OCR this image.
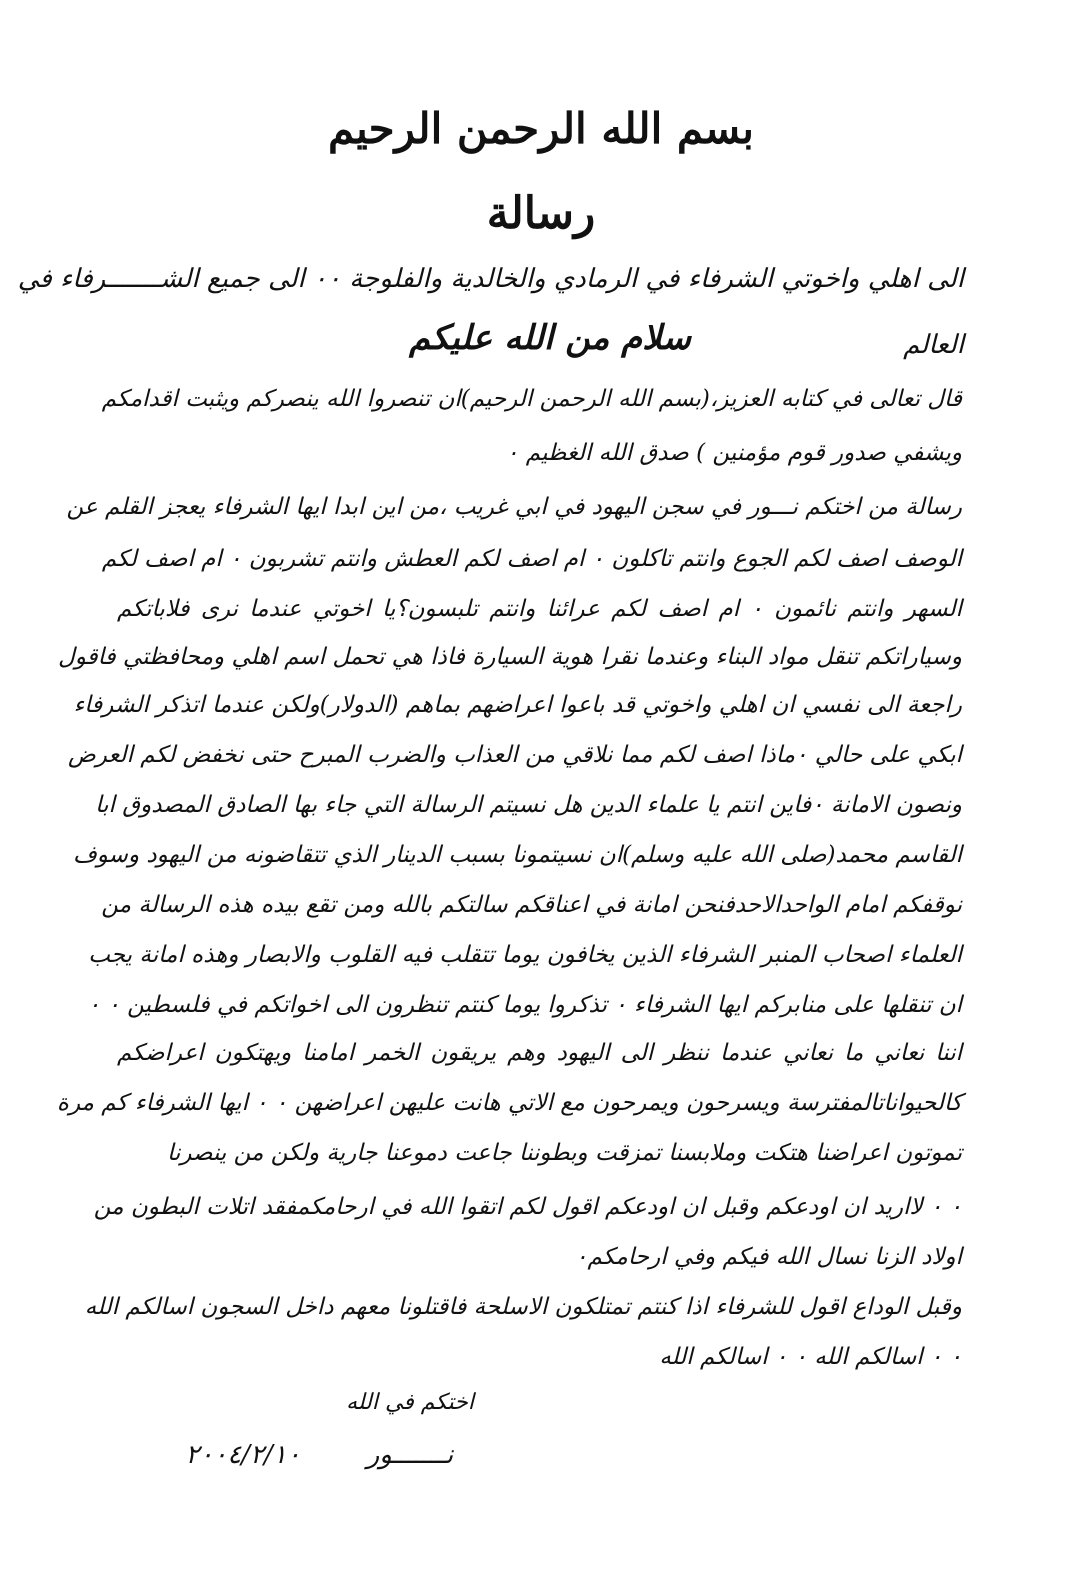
بسم الله الرحمن الرحيم
رسالة
الى اهلي واخوتي الشرفاء في الرمادي والخالدية والفلوجة ٠٠ الى جميع الشـــــــرفاء في
العالم
سلام من الله عليكم
قال تعالى في كتابه العزيز،(بسم الله الرحمن الرحيم)ان تنصروا الله ينصركم ويثبت اقدامكم
ويشفي صدور قوم مؤمنين ) صدق الله الغظيم ٠
رسالة من اختكم نـــور في سجن اليهود في ابي غريب ،من اين ابدا ايها الشرفاء يعجز القلم عن
الوصف اصف لكم الجوع وانتم تاكلون ٠ ام اصف لكم العطش وانتم تشربون ٠ ام اصف لكم
السهر وانتم نائمون ٠ ام اصف لكم عرائنا وانتم تلبسون؟يا اخوتي عندما نرى فلاباتكم
وسياراتكم تنقل مواد البناء وعندما نقرا هوية السيارة فاذا هي تحمل اسم اهلي ومحافظتي فاقول
راجعة الى نفسي ان اهلي واخوتي قد باعوا اعراضهم بماهم (الدولار)ولكن عندما اتذكر الشرفاء
ابكي على حالي ٠ماذا اصف لكم مما نلاقي من العذاب والضرب المبرح حتى نخفض لكم العرض
ونصون الامانة ٠فاين انتم يا علماء الدين هل نسيتم الرسالة التي جاء بها الصادق المصدوق ابا
القاسم محمد(صلى الله عليه وسلم)ان نسيتمونا بسبب الدينار الذي تتقاضونه من اليهود وسوف
نوقفكم امام الواحدالاحدفنحن امانة في اعناقكم سالتكم بالله ومن تقع بيده هذه الرسالة من
العلماء اصحاب المنبر الشرفاء الذين يخافون يوما تتقلب فيه القلوب والابصار وهذه امانة يجب
ان تنقلها على منابركم ايها الشرفاء ٠ تذكروا يوما كنتم تنظرون الى اخواتكم في فلسطين ٠ ٠
اننا نعاني ما نعاني عندما ننظر الى اليهود وهم يريقون الخمر امامنا ويهتكون اعراضكم
كالحيواناتالمفترسة ويسرحون ويمرحون مع الاتي هانت عليهن اعراضهن ٠ ٠ ايها الشرفاء كم مرة
تموتون اعراضنا هتكت وملابسنا تمزقت وبطوننا جاعت دموعنا جارية ولكن من ينصرنا
٠ ٠ لااريد ان اودعكم وقبل ان اودعكم اقول لكم اتقوا الله في ارحامكمفقد اتلات البطون من
اولاد الزنا نسال الله فيكم وفي ارحامكم٠
وقبل الوداع اقول للشرفاء اذا كنتم تمتلكون الاسلحة فاقتلونا معهم داخل السجون اسالكم الله
٠ ٠ اسالكم الله ٠ ٠ اسالكم الله
اختكم في الله
نـــــــور
٢٠٠٤/٢/١٠
